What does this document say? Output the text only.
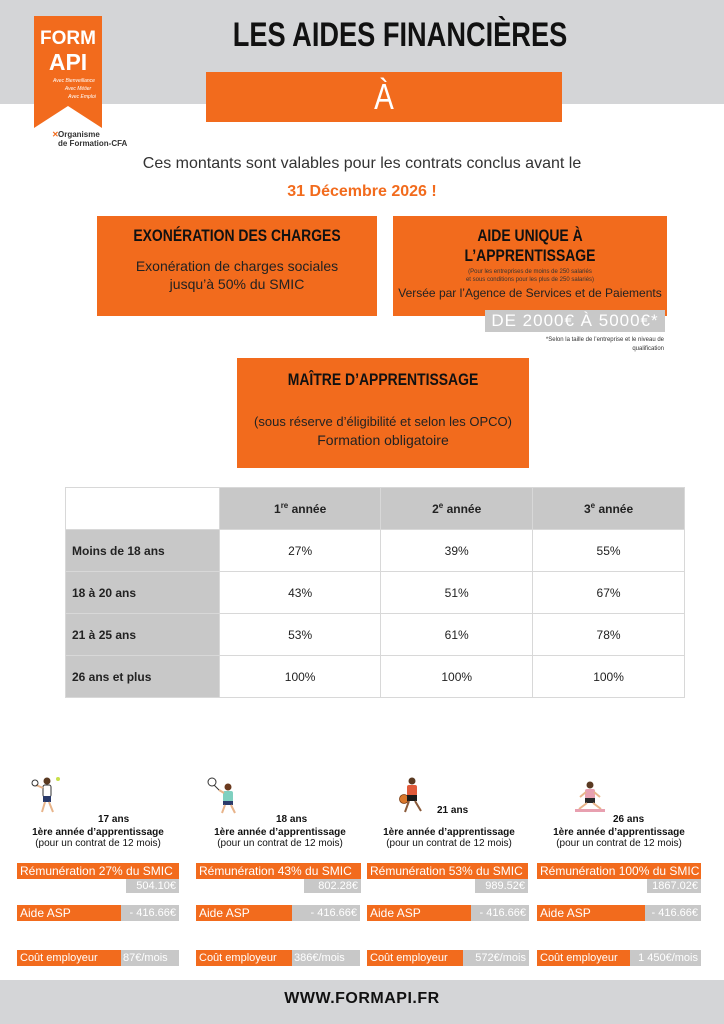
FORM
API
Avec Bienveillance
Avec Métier
Avec Emploi
✕ Organisme
de Formation-CFA
LES AIDES FINANCIÈRES
À L’APPRENTISSAGE
Ces montants sont valables pour les contrats conclus avant le
31 Décembre 2026 !
EXONÉRATION DES CHARGES
Exonération de charges sociales
jusqu’à 50% du SMIC
AIDE UNIQUE À L’APPRENTISSAGE
(Pour les entreprises de moins de 250 salariés
et sous conditions pour les plus de 250 salariés)
Versée par l’Agence de Services et de Paiements
DE 2000€ À 5000€*
*Selon la taille de l’entreprise et le niveau de
qualification
MAÎTRE D’APPRENTISSAGE
(sous réserve d’éligibilité et selon les OPCO)
Formation obligatoire
	1re année	2e année	3e année
Moins de 18 ans	27%	39%	55%
18 à 20 ans	43%	51%	67%
21 à 25 ans	53%	61%	78%
26 ans et plus	100%	100%	100%
17 ans
1ère année d’apprentissage
(pour un contrat de 12 mois)
Rémunération 27% du SMIC
504.10€
Aide ASP	- 416.66€
Coût employeur	87€/mois
18 ans
1ère année d’apprentissage
(pour un contrat de 12 mois)
Rémunération 43% du SMIC
802.28€
Aide ASP	- 416.66€
Coût employeur	386€/mois
21 ans
1ère année d’apprentissage
(pour un contrat de 12 mois)
Rémunération 53% du SMIC
989.52€
Aide ASP	- 416.66€
Coût employeur	572€/mois
26 ans
1ère année d’apprentissage
(pour un contrat de 12 mois)
Rémunération 100% du SMIC
1867.02€
Aide ASP	- 416.66€
Coût employeur	1 450€/mois
WWW.FORMAPI.FR
